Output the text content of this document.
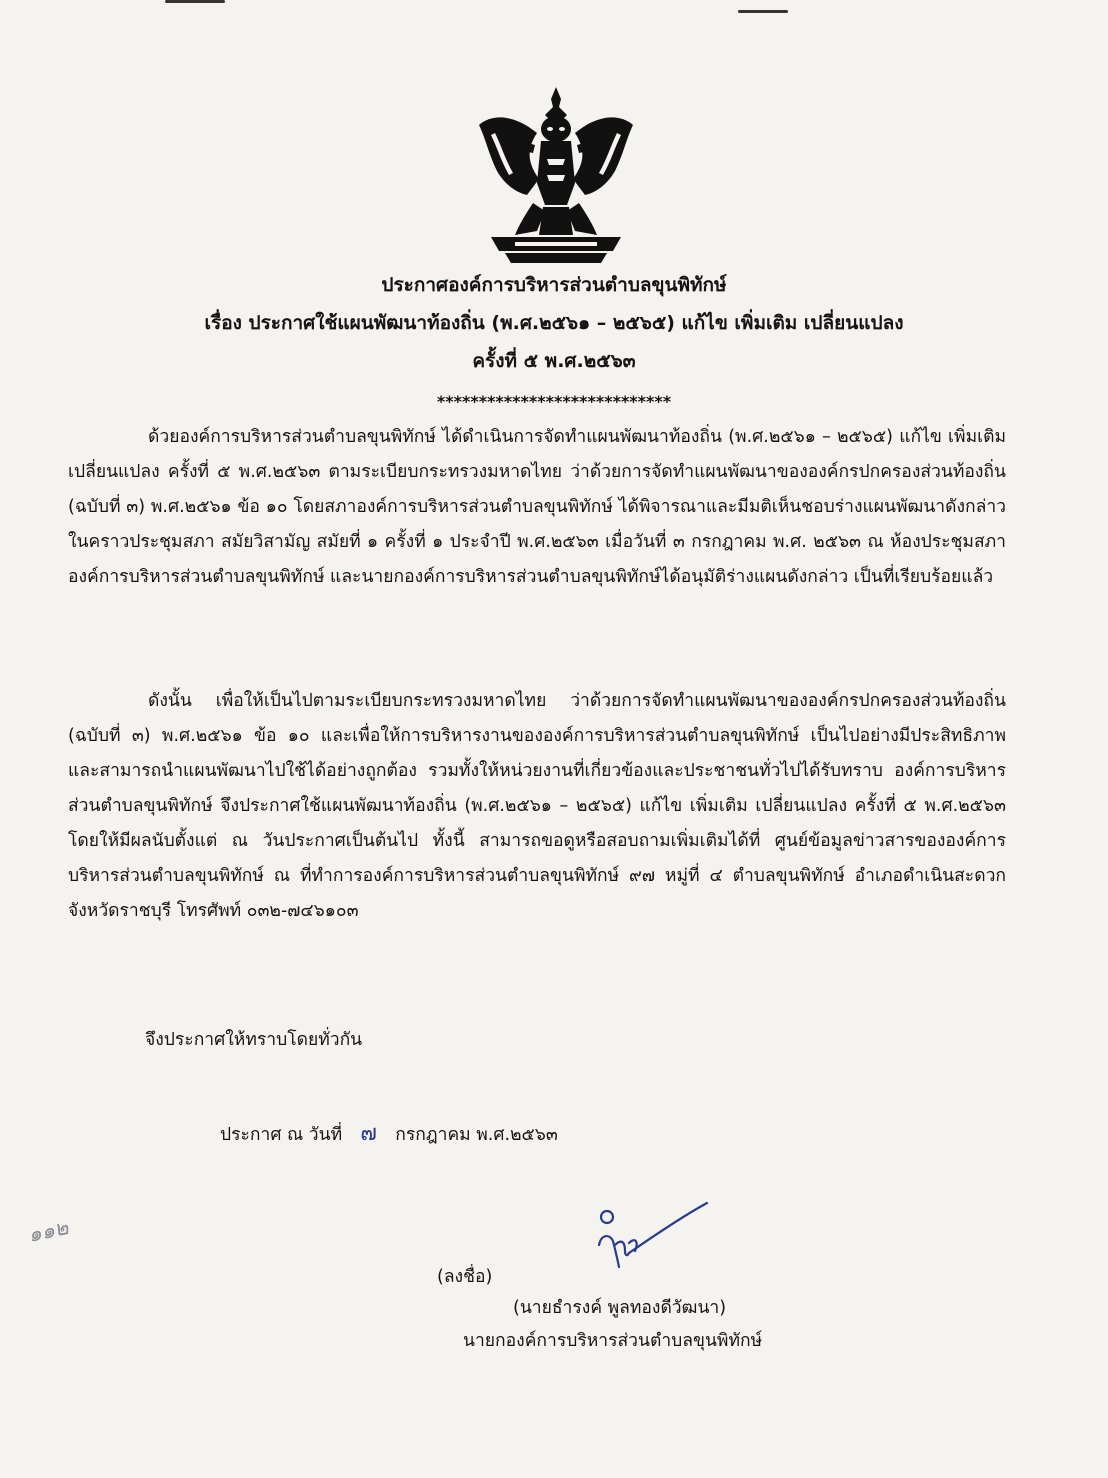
ประกาศองค์การบริหารส่วนตำบลขุนพิทักษ์
เรื่อง ประกาศใช้แผนพัฒนาท้องถิ่น (พ.ศ.๒๕๖๑ – ๒๕๖๕) แก้ไข เพิ่มเติม เปลี่ยนแปลง
ครั้งที่ ๕ พ.ศ.๒๕๖๓
****************************
ด้วยองค์การบริหารส่วนตำบลขุนพิทักษ์ ได้ดำเนินการจัดทำแผนพัฒนาท้องถิ่น (พ.ศ.๒๕๖๑ – ๒๕๖๕) แก้ไข เพิ่มเติม เปลี่ยนแปลง ครั้งที่ ๕ พ.ศ.๒๕๖๓ ตามระเบียบกระทรวงมหาดไทย ว่าด้วยการจัดทำแผนพัฒนาขององค์กรปกครองส่วนท้องถิ่น (ฉบับที่ ๓) พ.ศ.๒๕๖๑ ข้อ ๑๐ โดยสภาองค์การบริหารส่วนตำบลขุนพิทักษ์ ได้พิจารณาและมีมติเห็นชอบร่างแผนพัฒนาดังกล่าว ในคราวประชุมสภา สมัยวิสามัญ สมัยที่ ๑ ครั้งที่ ๑ ประจำปี พ.ศ.๒๕๖๓ เมื่อวันที่ ๓ กรกฎาคม พ.ศ. ๒๕๖๓ ณ ห้องประชุมสภาองค์การบริหารส่วนตำบลขุนพิทักษ์ และนายกองค์การบริหารส่วนตำบลขุนพิทักษ์ได้อนุมัติร่างแผนดังกล่าว เป็นที่เรียบร้อยแล้ว
ดังนั้น เพื่อให้เป็นไปตามระเบียบกระทรวงมหาดไทย ว่าด้วยการจัดทำแผนพัฒนาขององค์กรปกครองส่วนท้องถิ่น (ฉบับที่ ๓) พ.ศ.๒๕๖๑ ข้อ ๑๐ และเพื่อให้การบริหารงานขององค์การบริหารส่วนตำบลขุนพิทักษ์ เป็นไปอย่างมีประสิทธิภาพ และสามารถนำแผนพัฒนาไปใช้ได้อย่างถูกต้อง รวมทั้งให้หน่วยงานที่เกี่ยวข้องและประชาชนทั่วไปได้รับทราบ องค์การบริหารส่วนตำบลขุนพิทักษ์ จึงประกาศใช้แผนพัฒนาท้องถิ่น (พ.ศ.๒๕๖๑ – ๒๕๖๕) แก้ไข เพิ่มเติม เปลี่ยนแปลง ครั้งที่ ๕ พ.ศ.๒๕๖๓ โดยให้มีผลนับตั้งแต่ ณ วันประกาศเป็นต้นไป ทั้งนี้ สามารถขอดูหรือสอบถามเพิ่มเติมได้ที่ ศูนย์ข้อมูลข่าวสารขององค์การบริหารส่วนตำบลขุนพิทักษ์ ณ ที่ทำการองค์การบริหารส่วนตำบลขุนพิทักษ์ ๙๗ หมู่ที่ ๔ ตำบลขุนพิทักษ์ อำเภอดำเนินสะดวก จังหวัดราชบุรี โทรศัพท์ ๐๓๒-๗๔๖๑๐๓
จึงประกาศให้ทราบโดยทั่วกัน
ประกาศ ณ วันที่ ๗ กรกฎาคม พ.ศ.๒๕๖๓
๑๑๒
(ลงชื่อ)
(นายธำรงค์ พูลทองดีวัฒนา)
นายกองค์การบริหารส่วนตำบลขุนพิทักษ์
